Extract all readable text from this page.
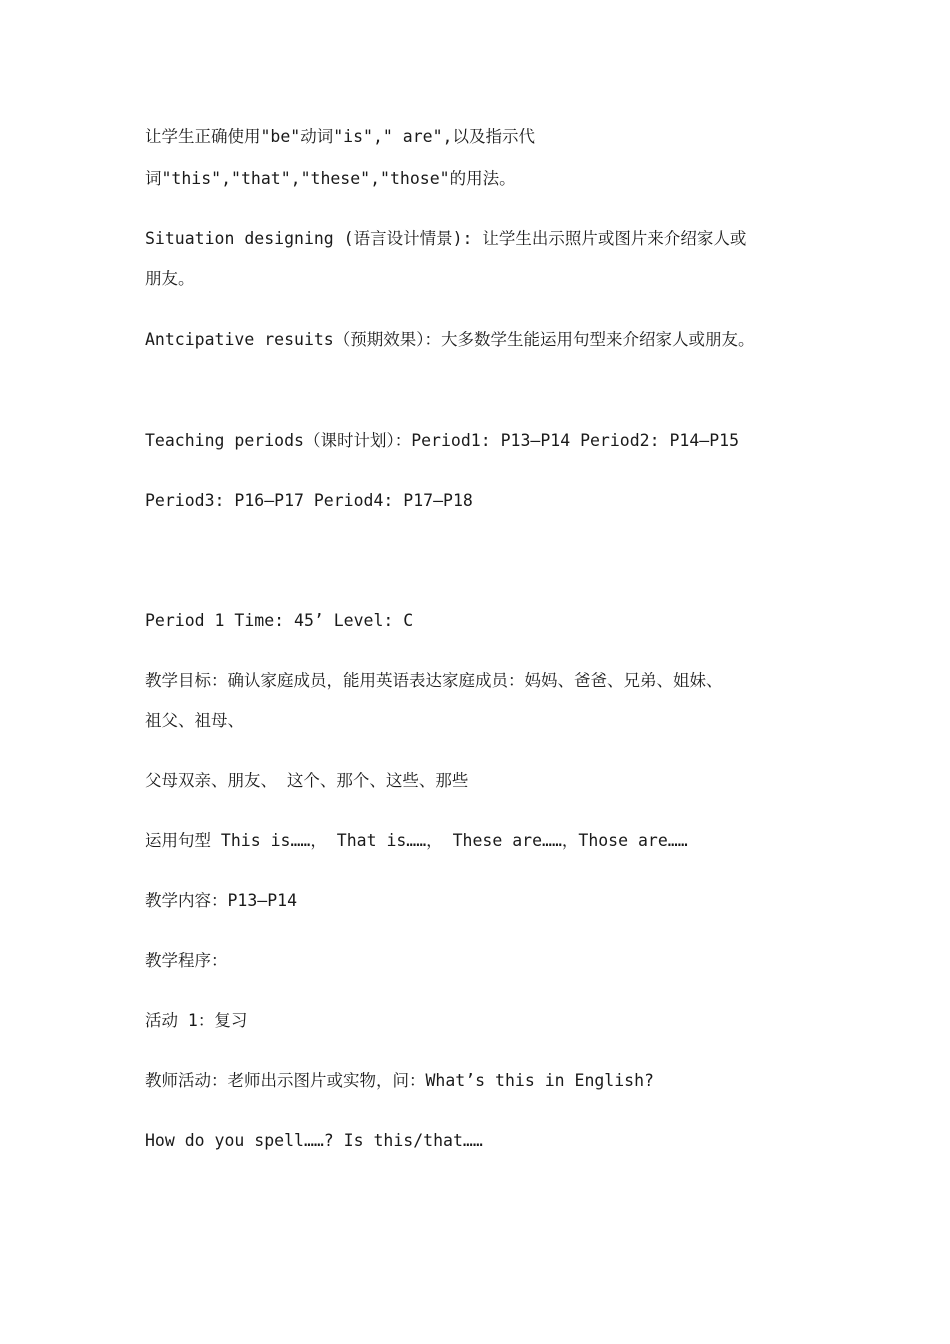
让学生正确使用"be"动词"is"," are",以及指示代
词"this","that","these","those"的用法。
Situation designing (语言设计情景): 让学生出示照片或图片来介绍家人或
朋友。
Antcipative resuits（预期效果）：大多数学生能运用句型来介绍家人或朋友。
Teaching periods（课时计划）：Period1: P13—P14 Period2: P14—P15
Period3: P16—P17 Period4: P17—P18
Period 1 Time: 45’ Level: C
教学目标：确认家庭成员，能用英语表达家庭成员：妈妈、爸爸、兄弟、姐妹、
祖父、祖母、
父母双亲、朋友、 这个、那个、这些、那些
运用句型 This is……， That is……， These are……，Those are……
教学内容：P13—P14
教学程序：
活动 1：复习
教师活动：老师出示图片或实物，问：What’s this in English?
How do you spell……? Is this/that……
